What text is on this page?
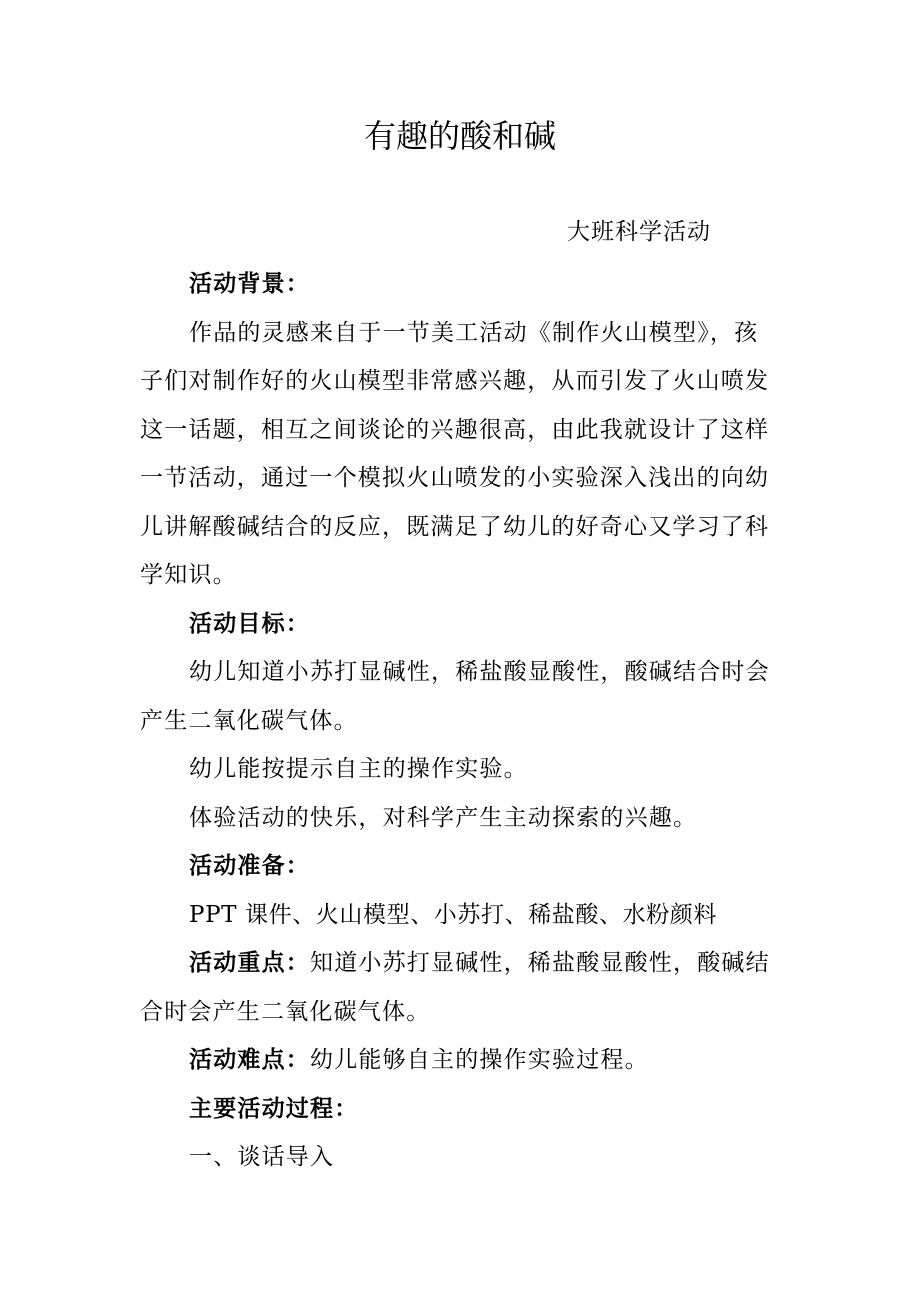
有趣的酸和碱
大班科学活动

活动背景：

作品的灵感来自于一节美工活动《制作火山模型》，孩子们对制作好的火山模型非常感兴趣，从而引发了火山喷发这一话题，相互之间谈论的兴趣很高，由此我就设计了这样一节活动，通过一个模拟火山喷发的小实验深入浅出的向幼儿讲解酸碱结合的反应，既满足了幼儿的好奇心又学习了科学知识。

活动目标：

幼儿知道小苏打显碱性，稀盐酸显酸性，酸碱结合时会产生二氧化碳气体。

幼儿能按提示自主的操作实验。

体验活动的快乐，对科学产生主动探索的兴趣。

活动准备：

PPT 课件、火山模型、小苏打、稀盐酸、水粉颜料

活动重点：知道小苏打显碱性，稀盐酸显酸性，酸碱结合时会产生二氧化碳气体。

活动难点：幼儿能够自主的操作实验过程。

主要活动过程：

一、谈话导入
